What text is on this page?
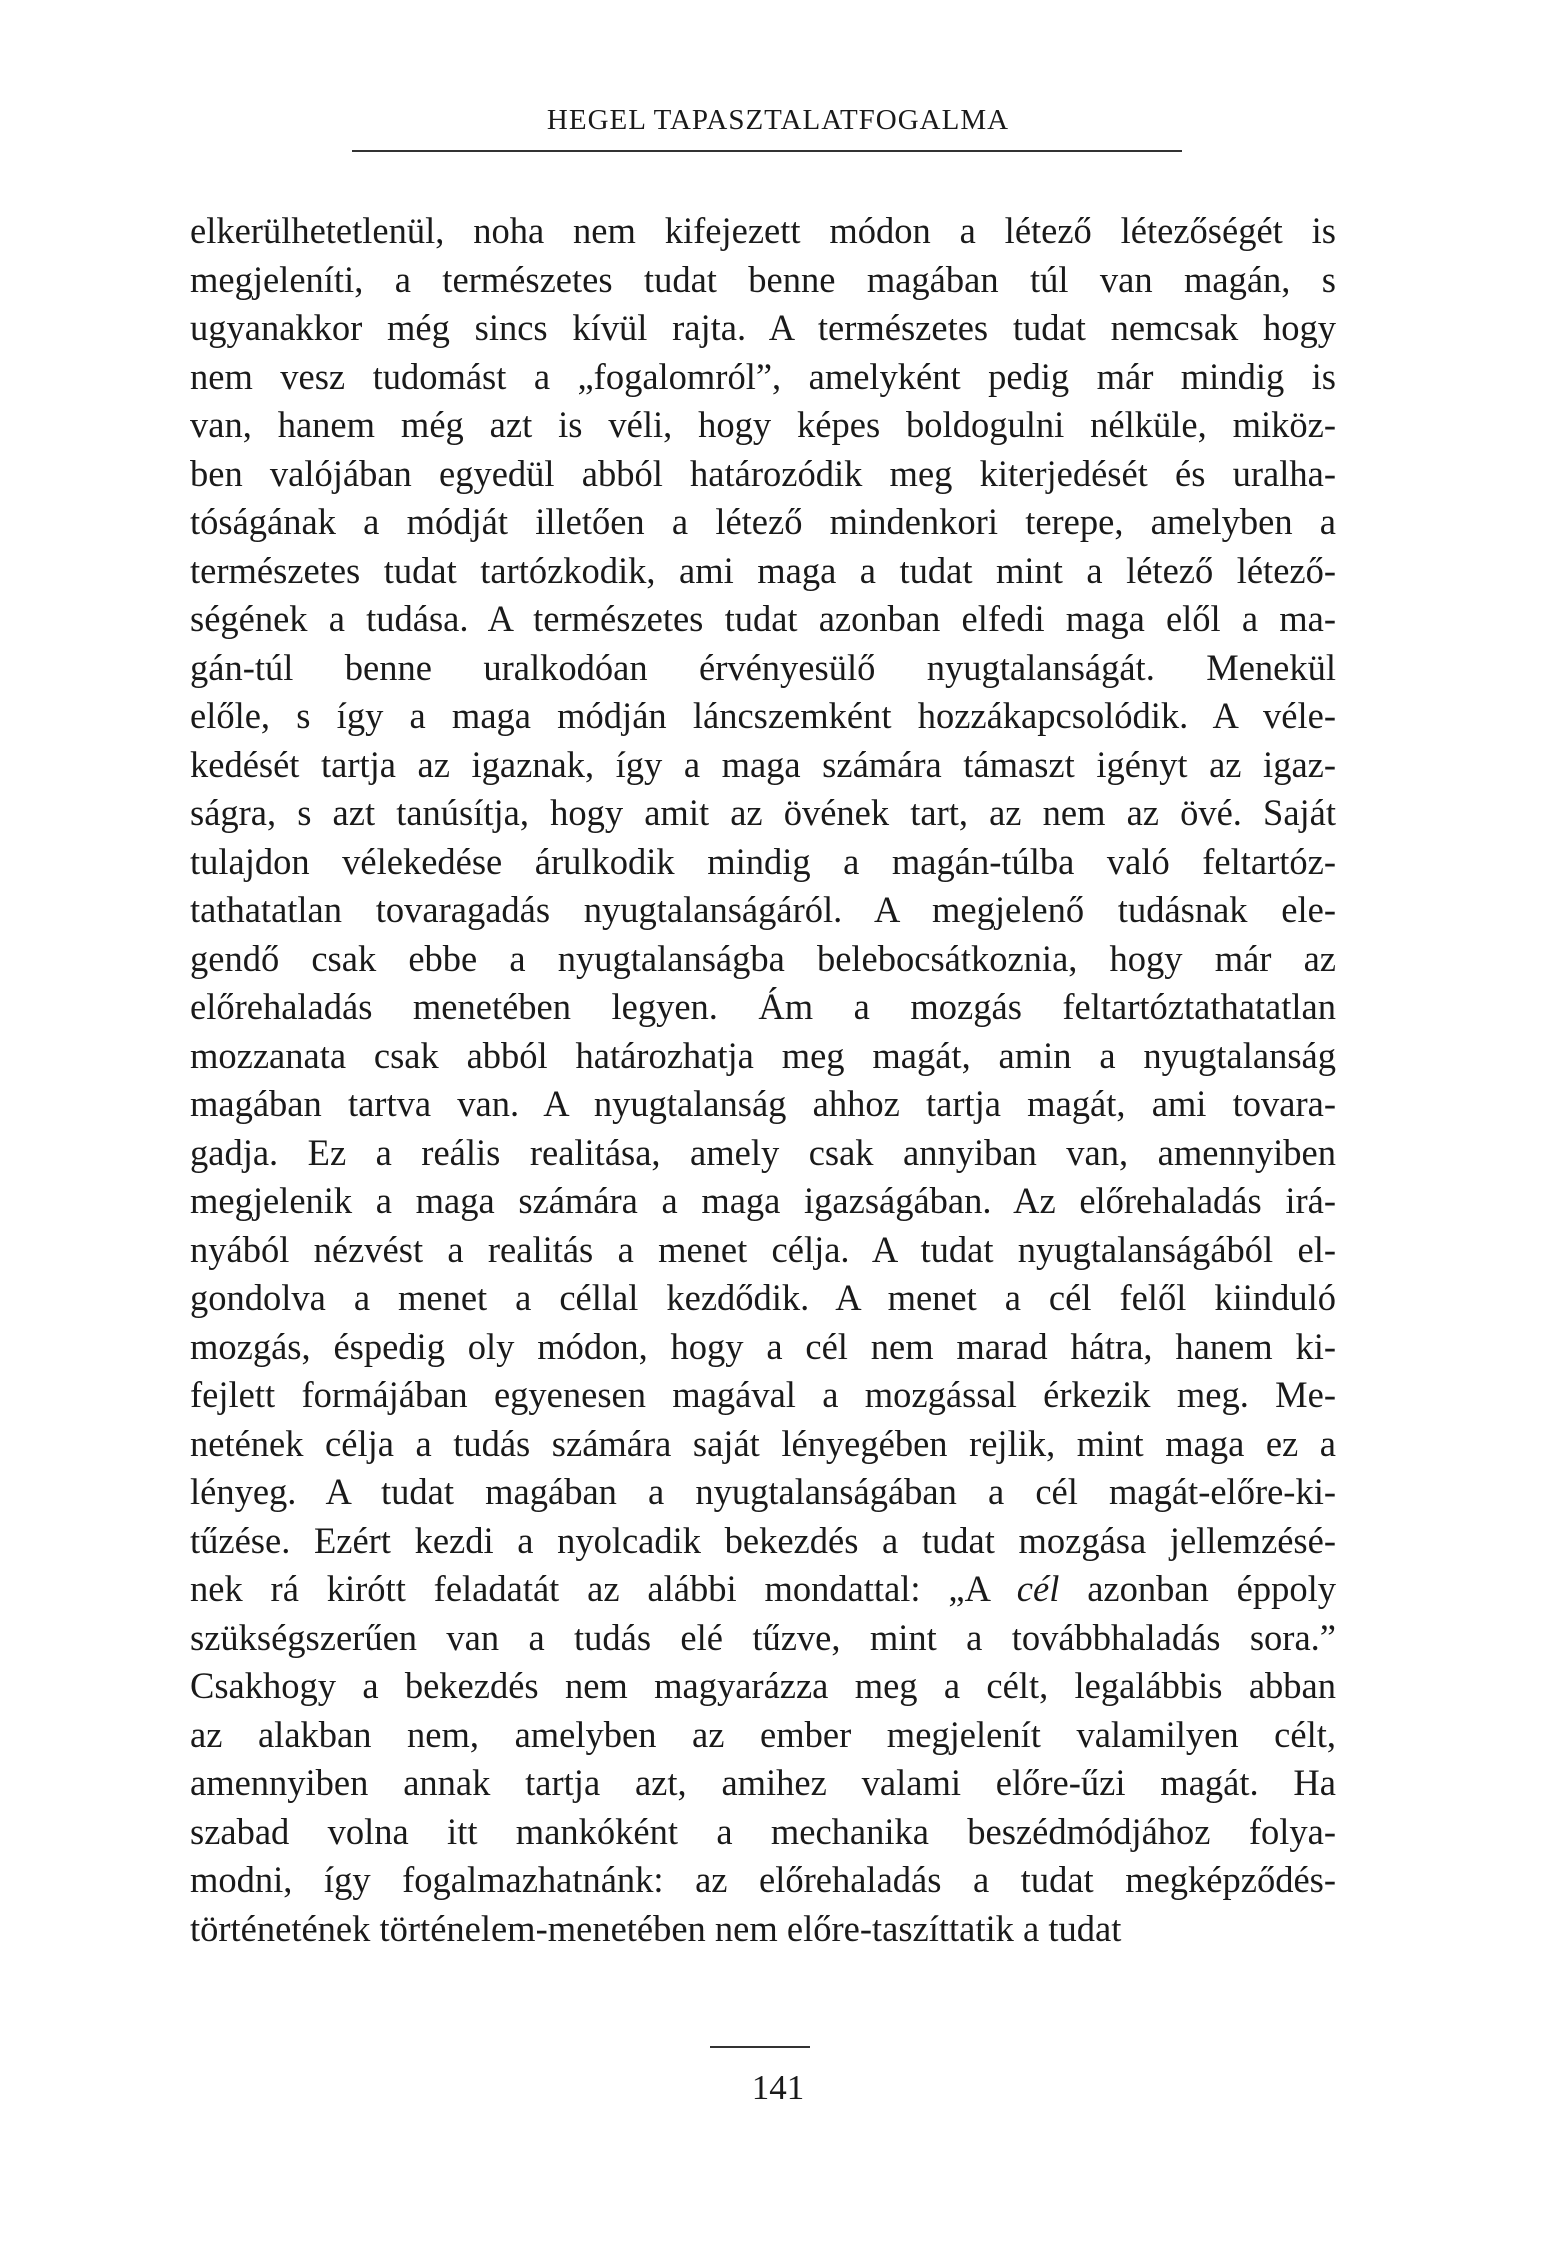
HEGEL TAPASZTALATFOGALMA

elkerülhetetlenül, noha nem kifejezett módon a létező létezőségét is
megjeleníti, a természetes tudat benne magában túl van magán, s
ugyanakkor még sincs kívül rajta. A természetes tudat nemcsak hogy
nem vesz tudomást a „fogalomról”, amelyként pedig már mindig is
van, hanem még azt is véli, hogy képes boldogulni nélküle, miköz-
ben valójában egyedül abból határozódik meg kiterjedését és uralha-
tóságának a módját illetően a létező mindenkori terepe, amelyben a
természetes tudat tartózkodik, ami maga a tudat mint a létező létező-
ségének a tudása. A természetes tudat azonban elfedi maga elől a ma-
gán-túl benne uralkodóan érvényesülő nyugtalanságát. Menekül
előle, s így a maga módján láncszemként hozzákapcsolódik. A véle-
kedését tartja az igaznak, így a maga számára támaszt igényt az igaz-
ságra, s azt tanúsítja, hogy amit az övének tart, az nem az övé. Saját
tulajdon vélekedése árulkodik mindig a magán-túlba való feltartóz-
tathatatlan tovaragadás nyugtalanságáról. A megjelenő tudásnak ele-
gendő csak ebbe a nyugtalanságba belebocsátkoznia, hogy már az
előrehaladás menetében legyen. Ám a mozgás feltartóztathatatlan
mozzanata csak abból határozhatja meg magát, amin a nyugtalanság
magában tartva van. A nyugtalanság ahhoz tartja magát, ami tovara-
gadja. Ez a reális realitása, amely csak annyiban van, amennyiben
megjelenik a maga számára a maga igazságában. Az előrehaladás irá-
nyából nézvést a realitás a menet célja. A tudat nyugtalanságából el-
gondolva a menet a céllal kezdődik. A menet a cél felől kiinduló
mozgás, éspedig oly módon, hogy a cél nem marad hátra, hanem ki-
fejlett formájában egyenesen magával a mozgással érkezik meg. Me-
netének célja a tudás számára saját lényegében rejlik, mint maga ez a
lényeg. A tudat magában a nyugtalanságában a cél magát-előre-ki-
tűzése. Ezért kezdi a nyolcadik bekezdés a tudat mozgása jellemzésé-
nek rá kirótt feladatát az alábbi mondattal: „A cél azonban éppoly
szükségszerűen van a tudás elé tűzve, mint a továbbhaladás sora.”
Csakhogy a bekezdés nem magyarázza meg a célt, legalábbis abban
az alakban nem, amelyben az ember megjelenít valamilyen célt,
amennyiben annak tartja azt, amihez valami előre-űzi magát. Ha
szabad volna itt mankóként a mechanika beszédmódjához folya-
modni, így fogalmazhatnánk: az előrehaladás a tudat megképződés-
történetének történelem-menetében nem előre-taszíttatik a tudat

141
